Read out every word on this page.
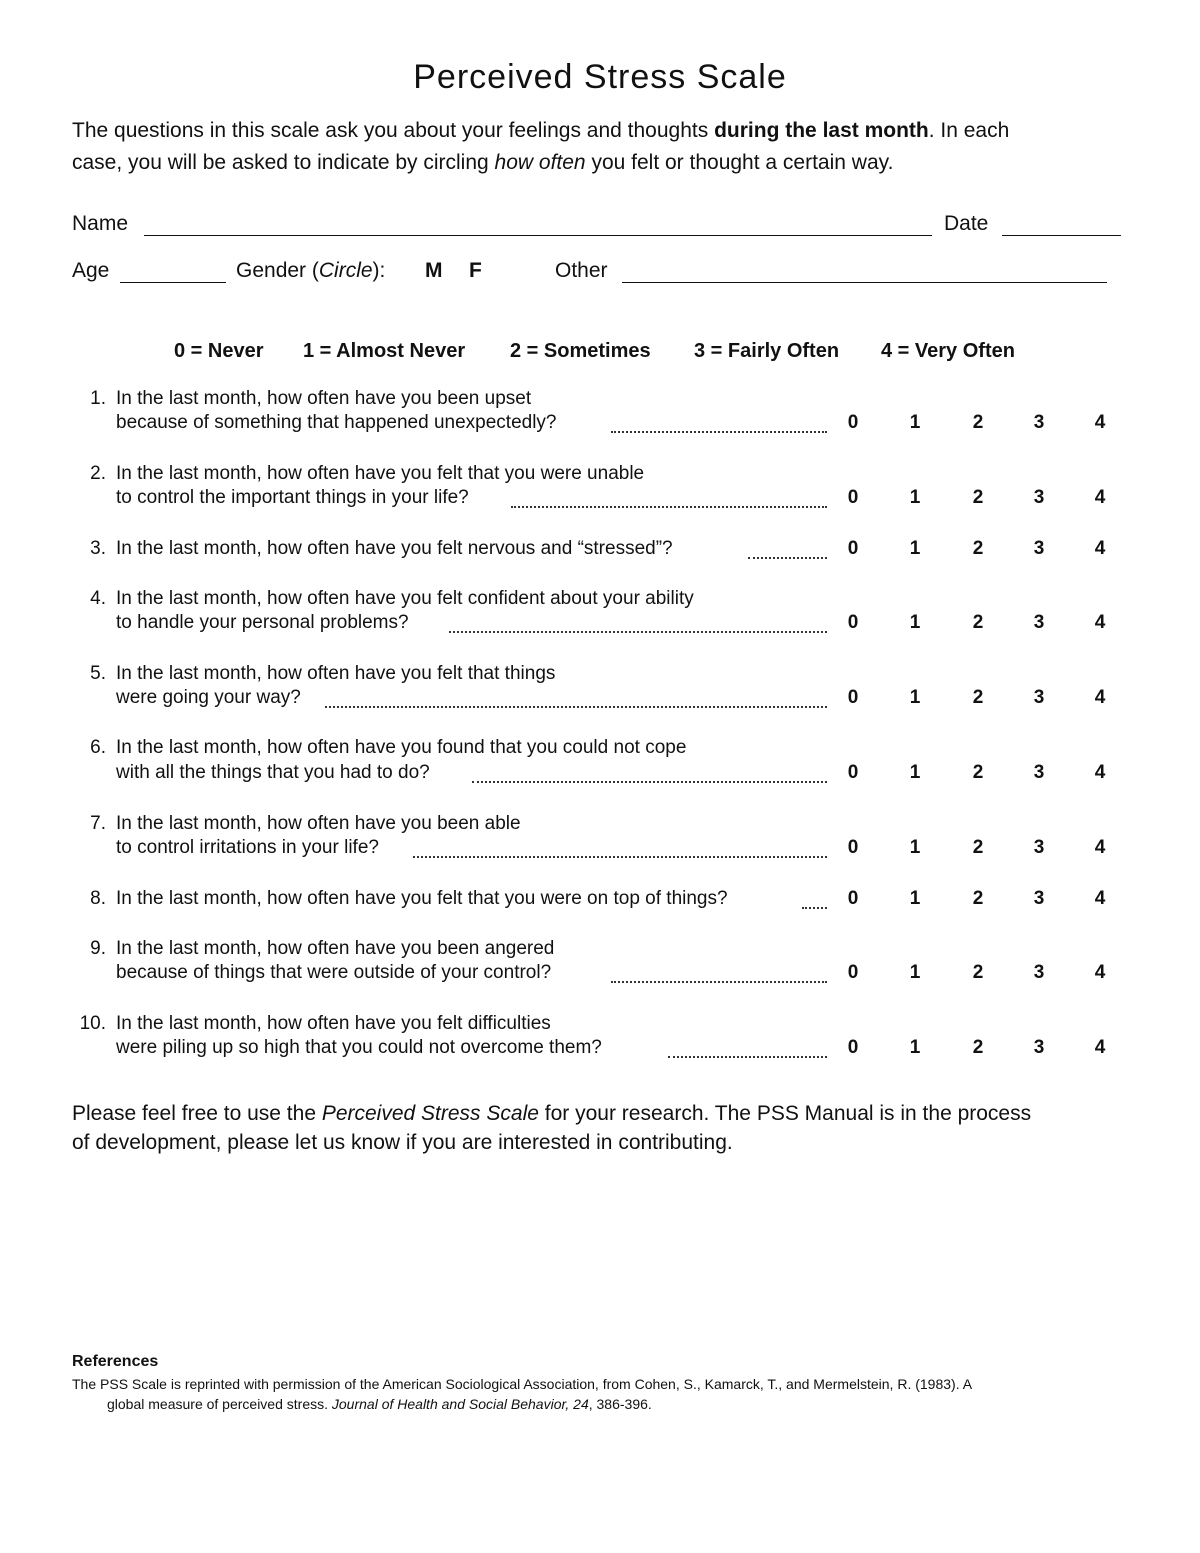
Perceived Stress Scale
The questions in this scale ask you about your feelings and thoughts during the last month. In each
case, you will be asked to indicate by circling how often you felt or thought a certain way.
Name	Date
Age	Gender (Circle): M F	Other
0 = Never 1 = Almost Never 2 = Sometimes 3 = Fairly Often 4 = Very Often
1. In the last month, how often have you been upset
because of something that happened unexpectedly?	0	1	2	3	4
2. In the last month, how often have you felt that you were unable
to control the important things in your life?	0	1	2	3	4
3. In the last month, how often have you felt nervous and “stressed”?	0	1	2	3	4
4. In the last month, how often have you felt confident about your ability
to handle your personal problems?	0	1	2	3	4
5. In the last month, how often have you felt that things
were going your way?	0	1	2	3	4
6. In the last month, how often have you found that you could not cope
with all the things that you had to do?	0	1	2	3	4
7. In the last month, how often have you been able
to control irritations in your life?	0	1	2	3	4
8. In the last month, how often have you felt that you were on top of things?	0	1	2	3	4
9. In the last month, how often have you been angered
because of things that were outside of your control?	0	1	2	3	4
10. In the last month, how often have you felt difficulties
were piling up so high that you could not overcome them?	0	1	2	3	4
Please feel free to use the Perceived Stress Scale for your research. The PSS Manual is in the process
of development, please let us know if you are interested in contributing.
References
The PSS Scale is reprinted with permission of the American Sociological Association, from Cohen, S., Kamarck, T., and Mermelstein, R. (1983). A
global measure of perceived stress. Journal of Health and Social Behavior, 24, 386-396.
